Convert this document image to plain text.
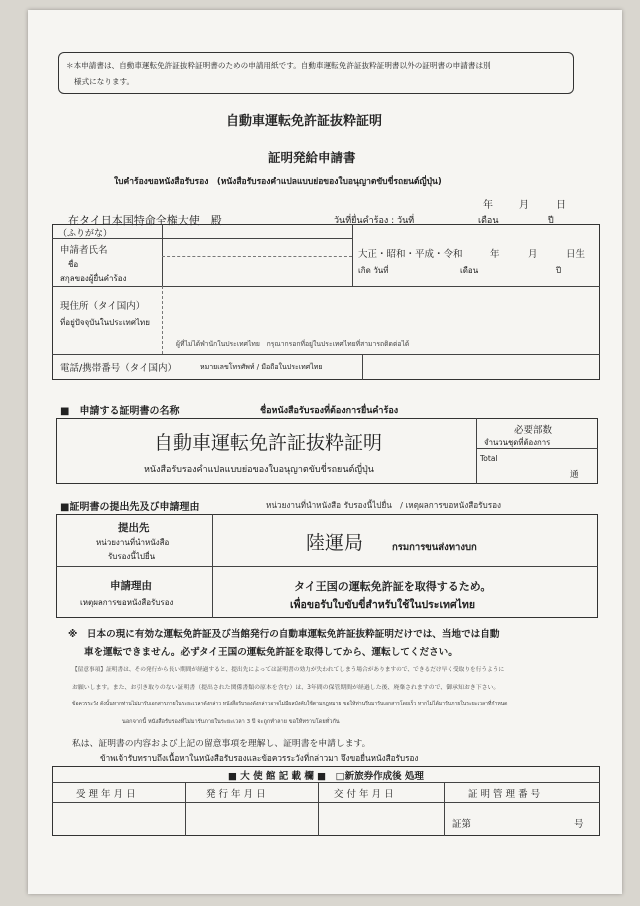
＊本申請書は、自動車運転免許証抜粋証明書のための申請用紙です。自動車運転免許証抜粋証明書以外の証明書の申請書は別
様式になります。
自動車運転免許証抜粋証明
証明発給申請書
ใบคำร้องขอหนังสือรับรอง　(หนังสือรับรองคำแปลแบบย่อของใบอนุญาตขับขี่รถยนต์ญี่ปุ่น)
年	月	日
在タイ日本国特命全権大使　殿	วันที่ยื่นคำร้อง : วันที่	เดือน	ปี
（ふりがな）
申請者氏名
ชื่อ
สกุลของผู้ยื่นคำร้อง
大正・昭和・平成・令和	年	月	日生
เกิด วันที่	เดือน	ปี
現住所（タイ国内）
ที่อยู่ปัจจุบันในประเทศไทย
ผู้ที่ไม่ได้พำนักในประเทศไทย　กรุณากรอกที่อยู่ในประเทศไทยที่สามารถติดต่อได้
電話/携帯番号（タイ国内）	หมายเลขโทรศัพท์ / มือถือในประเทศไทย
■　申請する証明書の名称	ชื่อหนังสือรับรองที่ต้องการยื่นคำร้อง
自動車運転免許証抜粋証明
หนังสือรับรองคำแปลแบบย่อของใบอนุญาตขับขี่รถยนต์ญี่ปุ่น
必要部数
จำนวนชุดที่ต้องการ
Total
通
■証明書の提出先及び申請理由	หน่วยงานที่นำหนังสือ รับรองนี้ไปยื่น　/ เหตุผลการขอหนังสือรับรอง
提出先
หน่วยงานที่นำหนังสือ
รับรองนี้ไปยื่น
陸運局	กรมการขนส่งทางบก
申請理由
เหตุผลการขอหนังสือรับรอง
タイ王国の運転免許証を取得するため。
เพื่อขอรับใบขับขี่สำหรับใช้ในประเทศไทย
※　日本の現に有効な運転免許証及び当館発行の自動車運転免許証抜粋証明だけでは、当地では自動
車を運転できません。必ずタイ王国の運転免許証を取得してから、運転してください。
【留意事項】証明書は、その発行から長い期間が経過すると、提出先によっては証明書の効力が失われてしまう場合がありますので、できるだけ早く受取りを行うように
お願いします。また、お引き取りのない証明書（提出された関係書類の原本を含む）は、3年間の保管期間が経過した後、廃棄されますので、御承知おき下さい。
ข้อควรระวัง ดังนั้นหากท่านไม่มารับเอกสารภายในระยะเวลาดังกล่าว หนังสือรับรองดังกล่าวอาจไม่มีผลบังคับใช้ตามกฎหมาย ขอให้ท่านรีบมารับเอกสารโดยเร็ว หากไม่ได้มารับภายในระยะเวลาที่กำหนด
นอกจากนี้ หนังสือรับรองที่ไม่มารับภายในระยะเวลา 3 ปี จะถูกทำลาย ขอให้ทราบโดยทั่วกัน
私は、証明書の内容および上記の留意事項を理解し、証明書を申請します。
ข้าพเจ้ารับทราบถึงเนื้อหาในหนังสือรับรองและข้อควรระวังที่กล่าวมา จึงขอยื่นหนังสือรับรอง
■ 大 使 館 記 載 欄 ■　□新旅券作成後 処理
受 理 年 月 日	発 行 年 月 日	交 付 年 月 日	証 明 管 理 番 号
証第	号
